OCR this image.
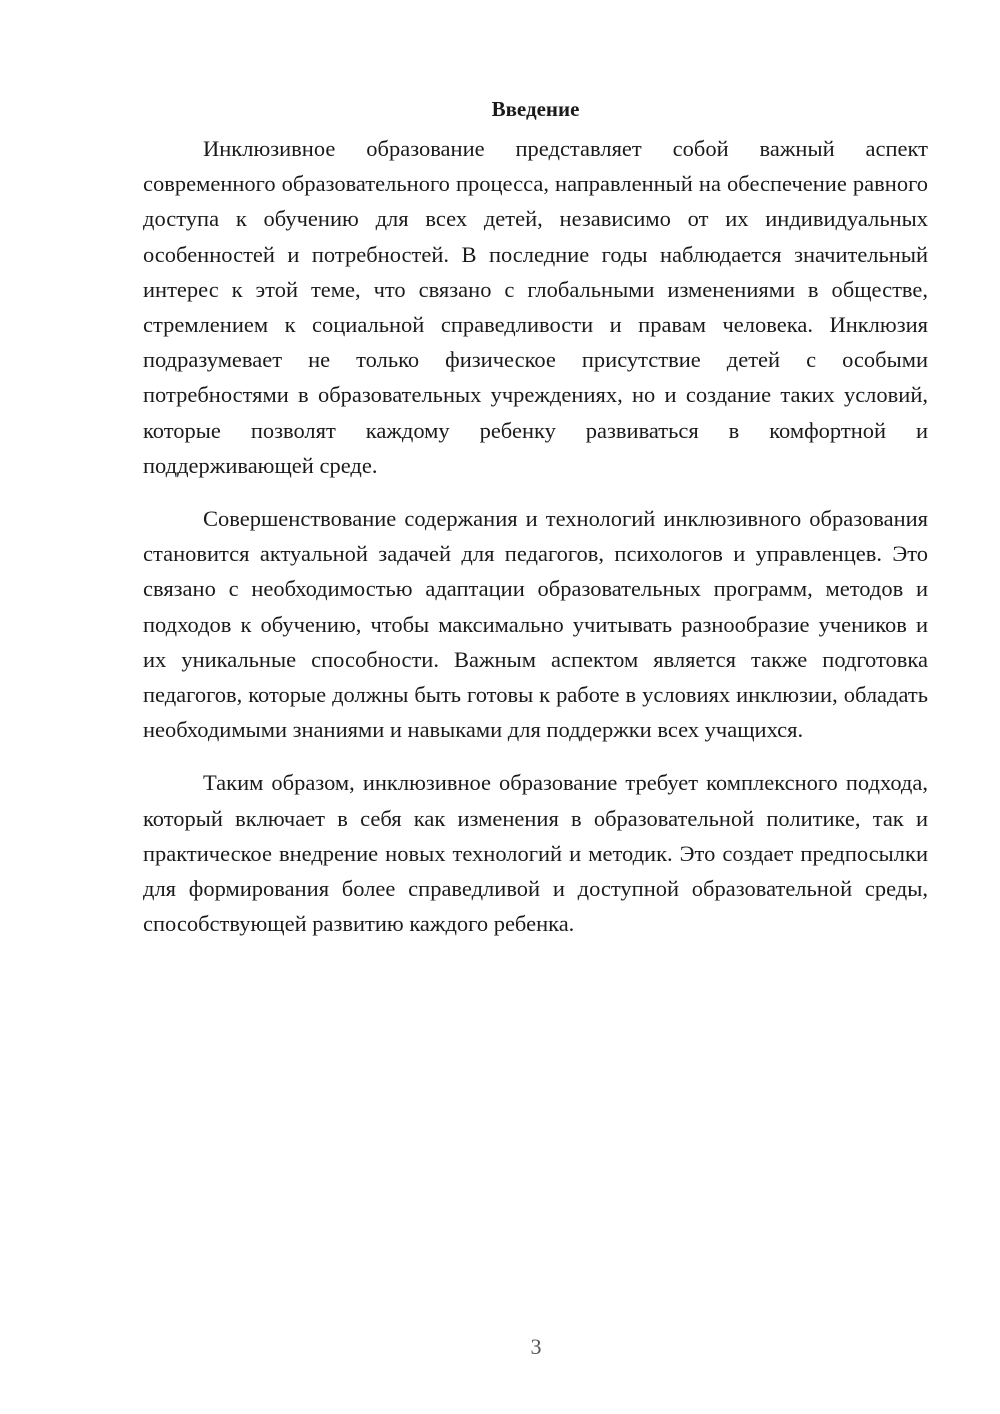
Введение

Инклюзивное образование представляет собой важный аспект современного образовательного процесса, направленный на обеспечение равного доступа к обучению для всех детей, независимо от их индивидуальных особенностей и потребностей. В последние годы наблюдается значительный интерес к этой теме, что связано с глобальными изменениями в обществе, стремлением к социальной справедливости и правам человека. Инклюзия подразумевает не только физическое присутствие детей с особыми потребностями в образовательных учреждениях, но и создание таких условий, которые позволят каждому ребенку развиваться в комфортной и поддерживающей среде.

Совершенствование содержания и технологий инклюзивного образования становится актуальной задачей для педагогов, психологов и управленцев. Это связано с необходимостью адаптации образовательных программ, методов и подходов к обучению, чтобы максимально учитывать разнообразие учеников и их уникальные способности. Важным аспектом является также подготовка педагогов, которые должны быть готовы к работе в условиях инклюзии, обладать необходимыми знаниями и навыками для поддержки всех учащихся.

Таким образом, инклюзивное образование требует комплексного подхода, который включает в себя как изменения в образовательной политике, так и практическое внедрение новых технологий и методик. Это создает предпосылки для формирования более справедливой и доступной образовательной среды, способствующей развитию каждого ребенка.

3
